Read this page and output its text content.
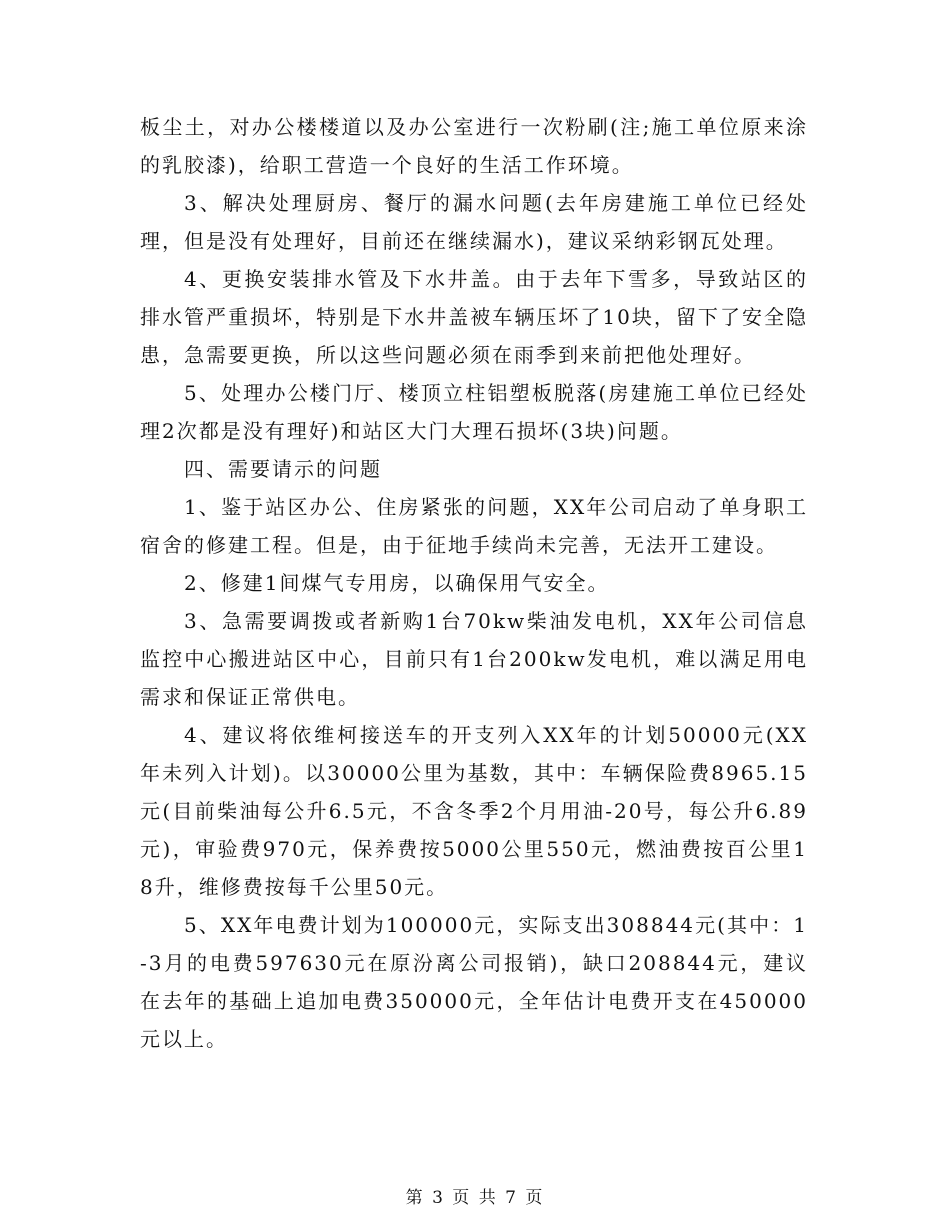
板尘土，对办公楼楼道以及办公室进行一次粉刷(注;施工单位原来涂的乳胶漆)，给职工营造一个良好的生活工作环境。

3、解决处理厨房、餐厅的漏水问题(去年房建施工单位已经处理，但是没有处理好，目前还在继续漏水)，建议采纳彩钢瓦处理。

4、更换安装排水管及下水井盖。由于去年下雪多，导致站区的排水管严重损坏，特别是下水井盖被车辆压坏了10块，留下了安全隐患，急需要更换，所以这些问题必须在雨季到来前把他处理好。

5、处理办公楼门厅、楼顶立柱铝塑板脱落(房建施工单位已经处理2次都是没有理好)和站区大门大理石损坏(3块)问题。

四、需要请示的问题

1、鉴于站区办公、住房紧张的问题，XX年公司启动了单身职工宿舍的修建工程。但是，由于征地手续尚未完善，无法开工建设。

2、修建1间煤气专用房，以确保用气安全。

3、急需要调拨或者新购1台70kw柴油发电机，XX年公司信息监控中心搬进站区中心，目前只有1台200kw发电机，难以满足用电需求和保证正常供电。

4、建议将依维柯接送车的开支列入XX年的计划50000元(XX年未列入计划)。以30000公里为基数，其中：车辆保险费8965.15元(目前柴油每公升6.5元，不含冬季2个月用油-20号，每公升6.89元)，审验费970元，保养费按5000公里550元，燃油费按百公里18升，维修费按每千公里50元。

5、XX年电费计划为100000元，实际支出308844元(其中：1-3月的电费597630元在原汾离公司报销)，缺口208844元，建议在去年的基础上追加电费350000元，全年估计电费开支在450000元以上。

第 3 页 共 7 页
